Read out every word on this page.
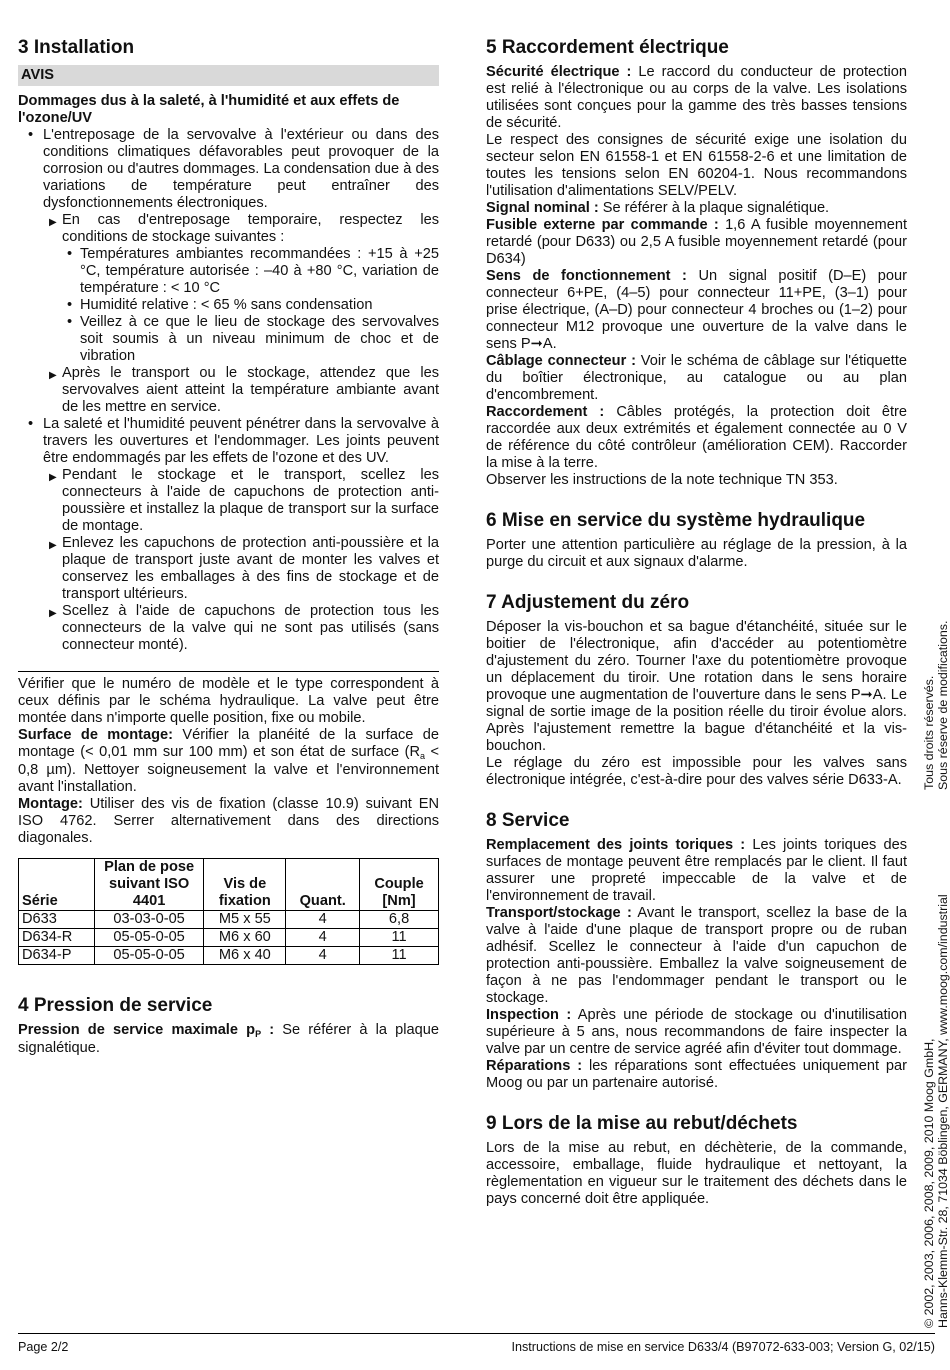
3 Installation
AVIS

Dommages dus à la saleté, à l'humidité et aux effets de l'ozone/UV

• L'entreposage de la servovalve à l'extérieur ou dans des conditions climatiques défavorables peut provoquer de la corrosion ou d'autres dommages. La condensation due à des variations de température peut entraîner des dysfonctionnements électroniques.
▶ En cas d'entreposage temporaire, respectez les conditions de stockage suivantes :
• Températures ambiantes recommandées : +15 à +25 °C, température autorisée : –40 à +80 °C, variation de température : < 10 °C
• Humidité relative : < 65 % sans condensation
• Veillez à ce que le lieu de stockage des servovalves soit soumis à un niveau minimum de choc et de vibration
▶ Après le transport ou le stockage, attendez que les servovalves aient atteint la température ambiante avant de les mettre en service.
• La saleté et l'humidité peuvent pénétrer dans la servovalve à travers les ouvertures et l'endommager. Les joints peuvent être endommagés par les effets de l'ozone et des UV.
▶ Pendant le stockage et le transport, scellez les connecteurs à l'aide de capuchons de protection anti-poussière et installez la plaque de transport sur la surface de montage.
▶ Enlevez les capuchons de protection anti-poussière et la plaque de transport juste avant de monter les valves et conservez les emballages à des fins de stockage et de transport ultérieurs.
▶ Scellez à l'aide de capuchons de protection tous les connecteurs de la valve qui ne sont pas utilisés (sans connecteur monté).

Vérifier que le numéro de modèle et le type correspondent à ceux définis par le schéma hydraulique. La valve peut être montée dans n'importe quelle position, fixe ou mobile.

Surface de montage: Vérifier la planéité de la surface de montage (< 0,01 mm sur 100 mm) et son état de surface ($R_a < 0,8$ µm). Nettoyer soigneusement la valve et l'environnement avant l'installation.

Montage: Utiliser des vis de fixation (classe 10.9) suivant EN ISO 4762. Serrer alternativement dans des directions diagonales.

Série	Plan de pose suivant ISO 4401	Vis de fixation	Quant.	Couple [Nm]
D633	03-03-0-05	M5 x 55	4	6,8
D634-R	05-05-0-05	M6 x 60	4	11
D634-P	05-05-0-05	M6 x 40	4	11
4 Pression de service

Pression de service maximale $p_P$ : Se référer à la plaque signalétique.

5 Raccordement électrique

Sécurité électrique : Le raccord du conducteur de protection est relié à l'électronique ou au corps de la valve. Les isolations utilisées sont conçues pour la gamme des très basses tensions de sécurité.

Le respect des consignes de sécurité exige une isolation du secteur selon EN 61558-1 et EN 61558-2-6 et une limitation de toutes les tensions selon EN 60204-1. Nous recommandons l'utilisation d'alimentations SELV/PELV.

Signal nominal : Se référer à la plaque signalétique.

Fusible externe par commande : 1,6 A fusible moyennement retardé (pour D633) ou 2,5 A fusible moyennement retardé (pour D634)

Sens de fonctionnement : Un signal positif (D–E) pour connecteur 6+PE, (4–5) pour connecteur 11+PE, (3–1) pour prise électrique, (A–D) pour connecteur 4 broches ou (1–2) pour connecteur M12 provoque une ouverture de la valve dans le sens P➞A.

Câblage connecteur : Voir le schéma de câblage sur l'étiquette du boîtier électronique, au catalogue ou au plan d'encombrement.

Raccordement : Câbles protégés, la protection doit être raccordée aux deux extrémités et également connectée au 0 V de référence du côté contrôleur (amélioration CEM). Raccorder la mise à la terre.

Observer les instructions de la note technique TN 353.

6 Mise en service du système hydraulique

Porter une attention particulière au réglage de la pression, à la purge du circuit et aux signaux d'alarme.

7 Adjustement du zéro

Déposer la vis-bouchon et sa bague d'étanchéité, située sur le boitier de l'électronique, afin d'accéder au potentiomètre d'ajustement du zéro. Tourner l'axe du potentiomètre provoque un déplacement du tiroir. Une rotation dans le sens horaire provoque une augmentation de l'ouverture dans le sens P➞A. Le signal de sortie image de la position réelle du tiroir évolue alors. Après l'ajustement remettre la bague d'étanchéité et la vis-bouchon.

Le réglage du zéro est impossible pour les valves sans électronique intégrée, c'est-à-dire pour des valves série D633-A.

8 Service

Remplacement des joints toriques : Les joints toriques des surfaces de montage peuvent être remplacés par le client. Il faut assurer une propreté impeccable de la valve et de l'environnement de travail.

Transport/stockage : Avant le transport, scellez la base de la valve à l'aide d'une plaque de transport propre ou de ruban adhésif. Scellez le connecteur à l'aide d'un capuchon de protection anti-poussière. Emballez la valve soigneusement de façon à ne pas l'endommager pendant le transport ou le stockage.

Inspection : Après une période de stockage ou d'inutilisation supérieure à 5 ans, nous recommandons de faire inspecter la valve par un centre de service agréé afin d'éviter tout dommage.

Réparations : les réparations sont effectuées uniquement par Moog ou par un partenaire autorisé.

9 Lors de la mise au rebut/déchets

Lors de la mise au rebut, en déchèterie, de la commande, accessoire, emballage, fluide hydraulique et nettoyant, la règlementation en vigueur sur le traitement des déchets dans le pays concerné doit être appliquée.

Tous droits réservés. Sous réserve de modifications.
© 2002, 2003, 2006, 2008, 2009, 2010 Moog GmbH, Hanns-Klemm-Str. 28, 71034 Böblingen, GERMANY, www.moog.com/industrial
Page 2/2	Instructions de mise en service D633/4 (B97072-633-003; Version G, 02/15)
